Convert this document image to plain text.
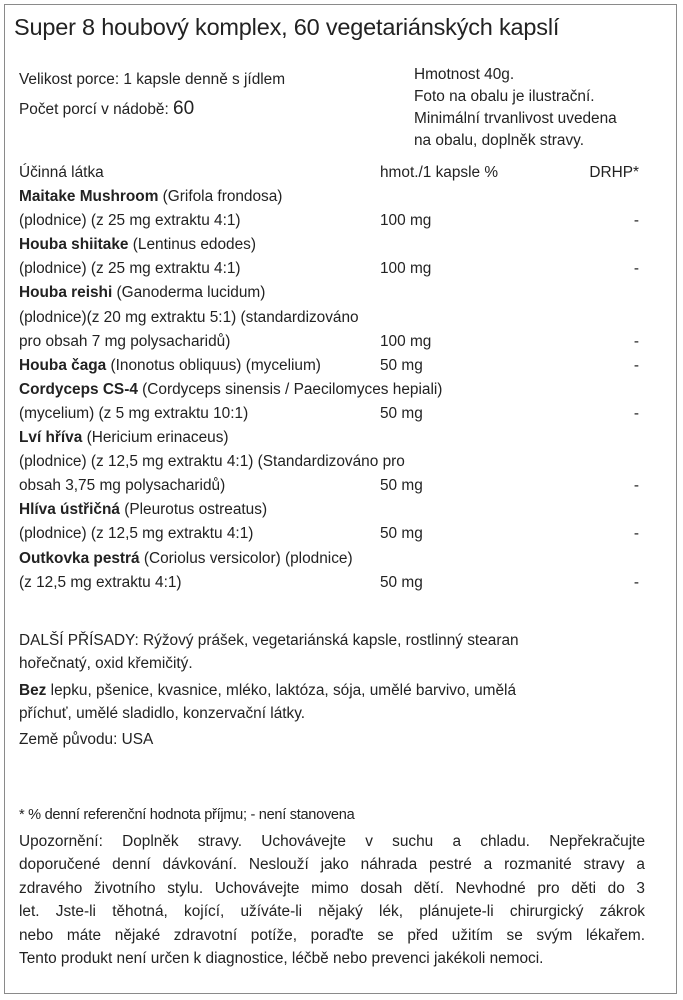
Super 8 houbový komplex, 60 vegetariánských kapslí
Velikost porce: 1 kapsle denně s jídlem
Počet porcí v nádobě: 60
Hmotnost 40g.
Foto na obalu je ilustrační.
Minimální trvanlivost uvedena
na obalu, doplněk stravy.
Účinná látka	hmot./1 kapsle %	DRHP*
Maitake Mushroom (Grifola frondosa)
(plodnice) (z 25 mg extraktu 4:1)	100 mg	-
Houba shiitake (Lentinus edodes)
(plodnice) (z 25 mg extraktu 4:1)	100 mg	-
Houba reishi (Ganoderma lucidum)
(plodnice)(z 20 mg extraktu 5:1) (standardizováno
pro obsah 7 mg polysacharidů)	100 mg	-
Houba čaga (Inonotus obliquus) (mycelium)	50 mg	-
Cordyceps CS-4 (Cordyceps sinensis / Paecilomyces hepiali)
(mycelium) (z 5 mg extraktu 10:1)	50 mg	-
Lví hříva (Hericium erinaceus)
(plodnice) (z 12,5 mg extraktu 4:1) (Standardizováno pro
obsah 3,75 mg polysacharidů)	50 mg	-
Hlíva ústřičná (Pleurotus ostreatus)
(plodnice) (z 12,5 mg extraktu 4:1)	50 mg	-
Outkovka pestrá (Coriolus versicolor) (plodnice)
(z 12,5 mg extraktu 4:1)	50 mg	-
DALŠÍ PŘÍSADY: Rýžový prášek, vegetariánská kapsle, rostlinný stearan
hořečnatý, oxid křemičitý.
Bez lepku, pšenice, kvasnice, mléko, laktóza, sója, umělé barvivo, umělá
příchuť, umělé sladidlo, konzervační látky.
Země původu: USA
* % denní referenční hodnota příjmu; - není stanovena
Upozornění: Doplněk stravy. Uchovávejte v suchu a chladu. Nepřekračujte
doporučené denní dávkování. Neslouží jako náhrada pestré a rozmanité stravy a
zdravého životního stylu. Uchovávejte mimo dosah dětí. Nevhodné pro děti do 3
let. Jste-li těhotná, kojící, užíváte-li nějaký lék, plánujete-li chirurgický zákrok
nebo máte nějaké zdravotní potíže, poraďte se před užitím se svým lékařem.
Tento produkt není určen k diagnostice, léčbě nebo prevenci jakékoli nemoci.
